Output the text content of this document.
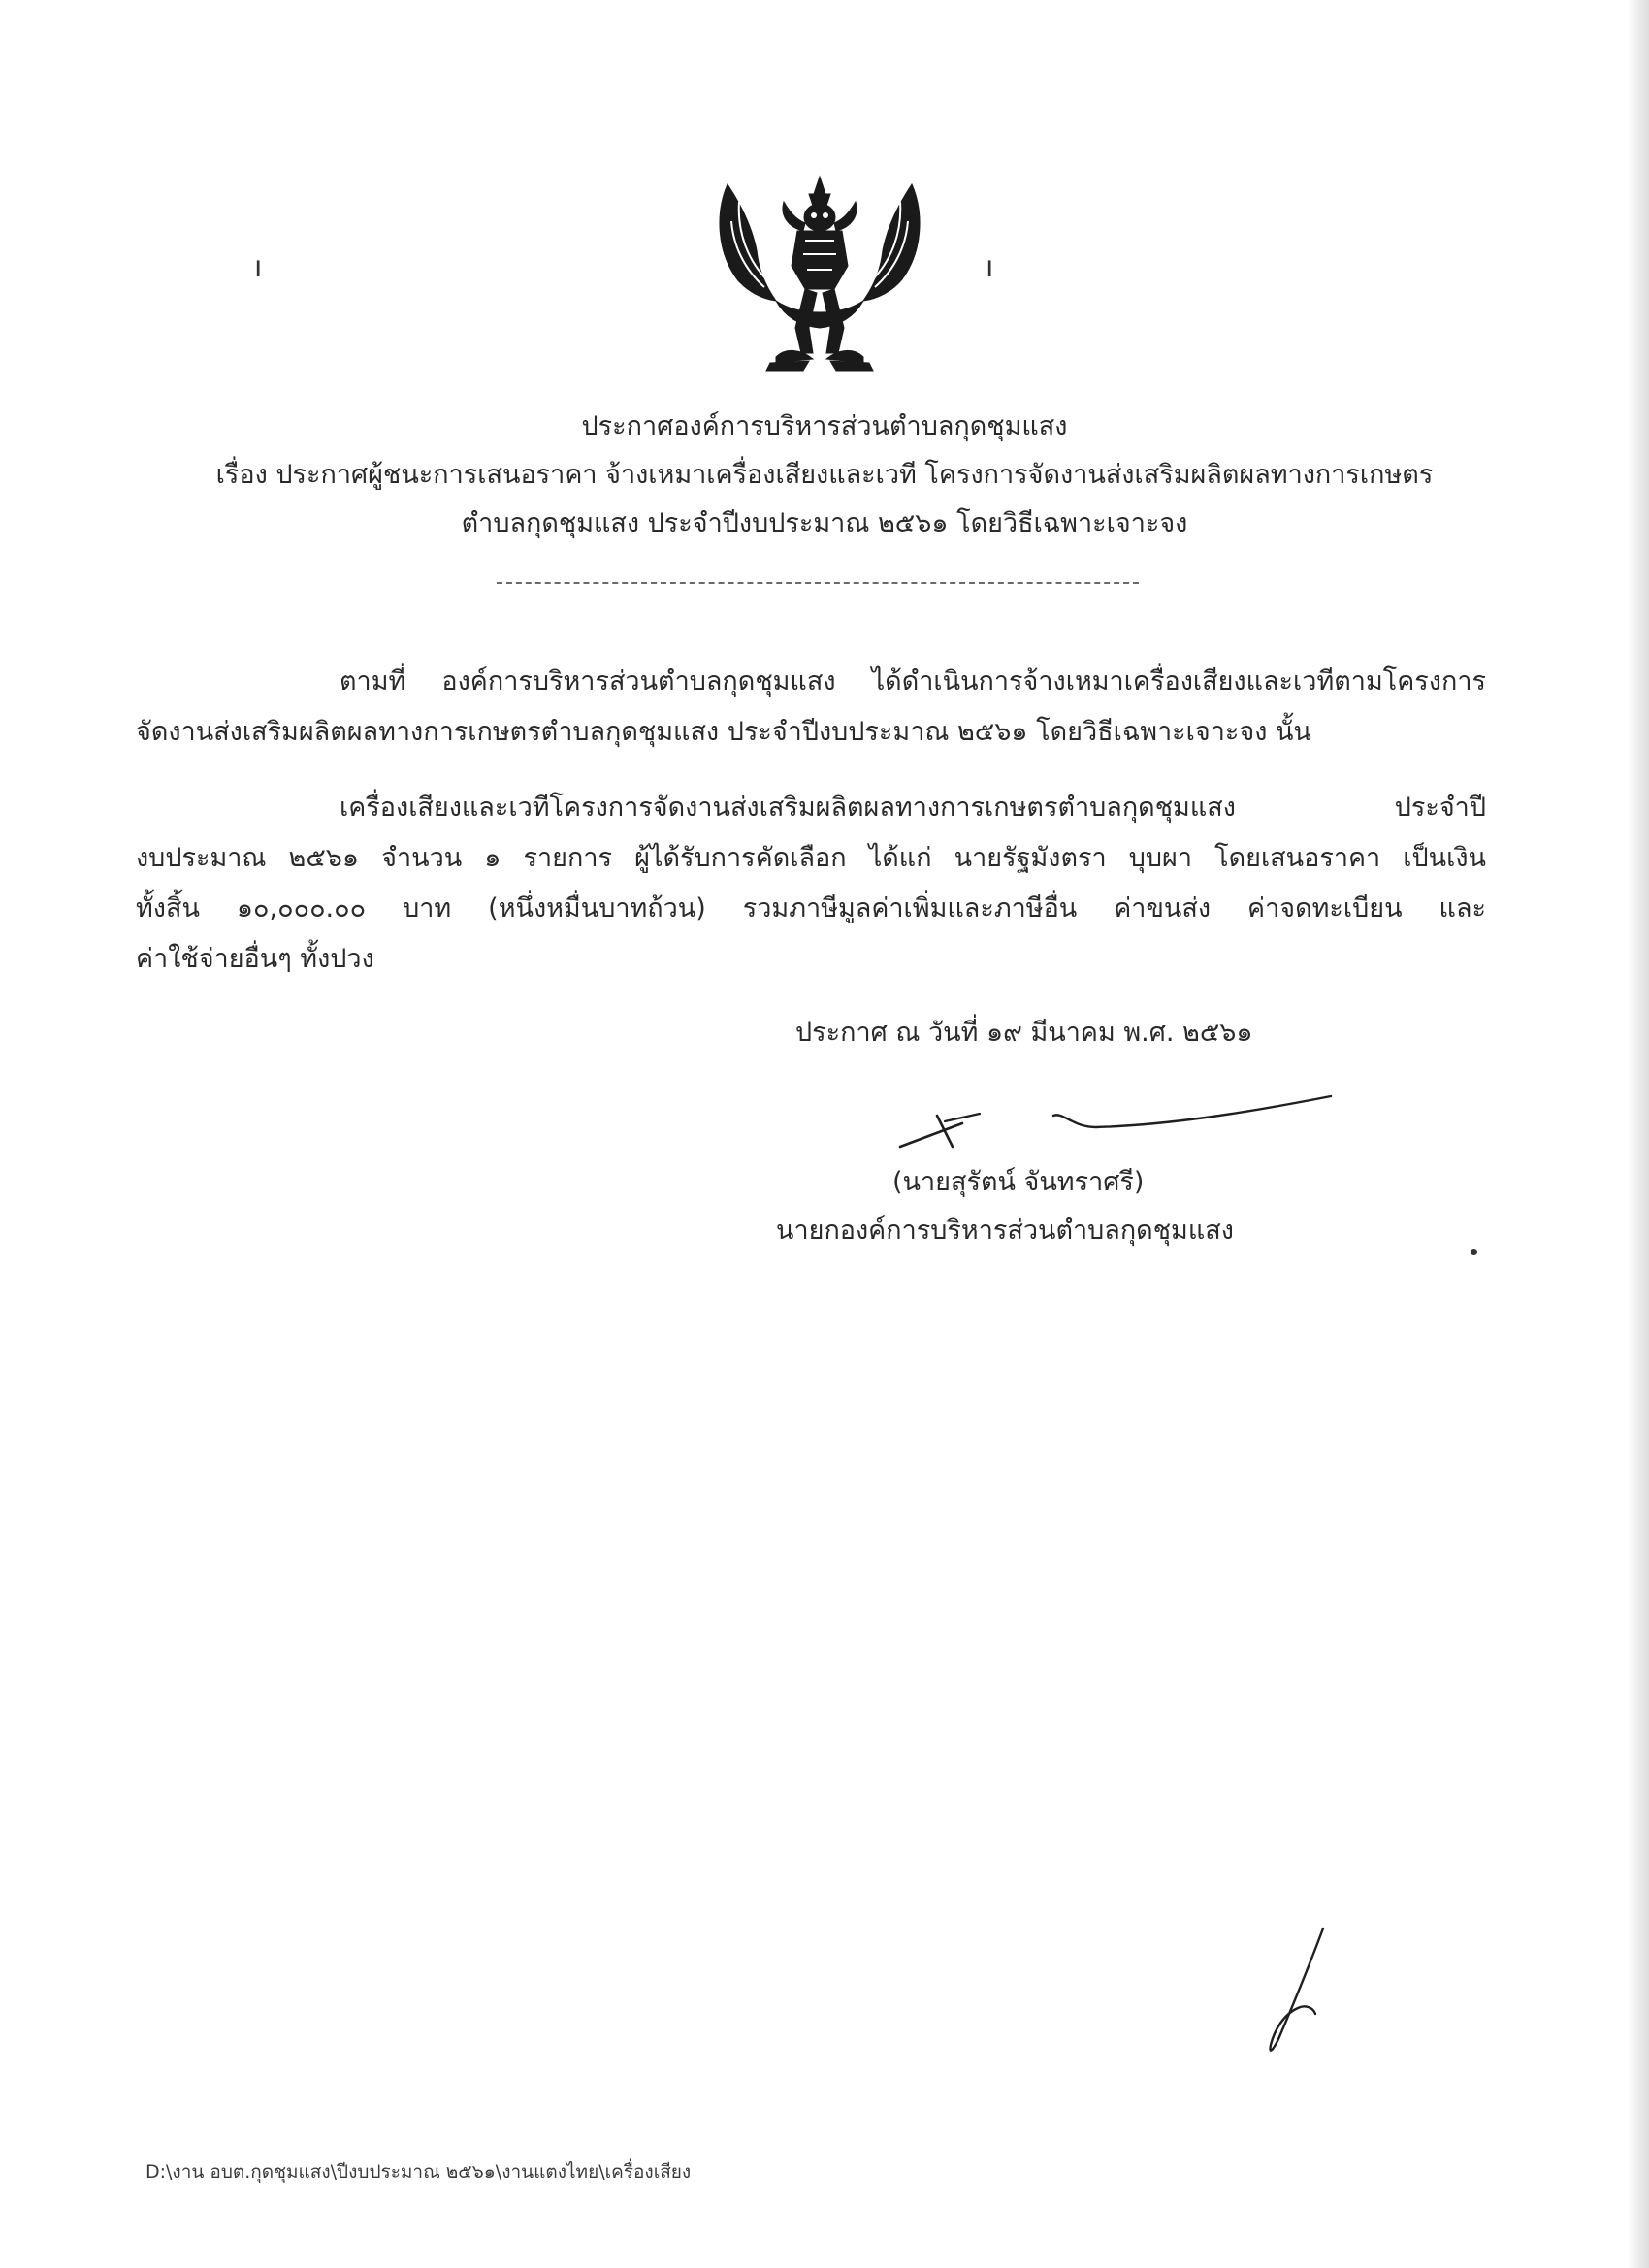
ı	ı
ประกาศองค์การบริหารส่วนตำบลกุดชุมแสง
เรื่อง ประกาศผู้ชนะการเสนอราคา จ้างเหมาเครื่องเสียงและเวที โครงการจัดงานส่งเสริมผลิตผลทางการเกษตร
ตำบลกุดชุมแสง ประจำปีงบประมาณ ๒๕๖๑ โดยวิธีเฉพาะเจาะจง
ตามที่ องค์การบริหารส่วนตำบลกุดชุมแสง ได้ดำเนินการจ้างเหมาเครื่องเสียงและเวทีตามโครงการ
จัดงานส่งเสริมผลิตผลทางการเกษตรตำบลกุดชุมแสง ประจำปีงบประมาณ ๒๕๖๑ โดยวิธีเฉพาะเจาะจง นั้น
เครื่องเสียงและเวทีโครงการจัดงานส่งเสริมผลิตผลทางการเกษตรตำบลกุดชุมแสง ประจำปี
งบประมาณ ๒๕๖๑ จำนวน ๑ รายการ ผู้ได้รับการคัดเลือก ได้แก่ นายรัฐมังตรา บุบผา โดยเสนอราคา เป็นเงิน
ทั้งสิ้น ๑๐,๐๐๐.๐๐ บาท (หนึ่งหมื่นบาทถ้วน) รวมภาษีมูลค่าเพิ่มและภาษีอื่น ค่าขนส่ง ค่าจดทะเบียน และ
ค่าใช้จ่ายอื่นๆ ทั้งปวง
ประกาศ ณ วันที่ ๑๙ มีนาคม พ.ศ. ๒๕๖๑
(นายสุรัตน์ จันทราศรี)
นายกองค์การบริหารส่วนตำบลกุดชุมแสง
D:\งาน อบต.กุดชุมแสง\ปีงบประมาณ ๒๕๖๑\งานแตงไทย\เครื่องเสียง
